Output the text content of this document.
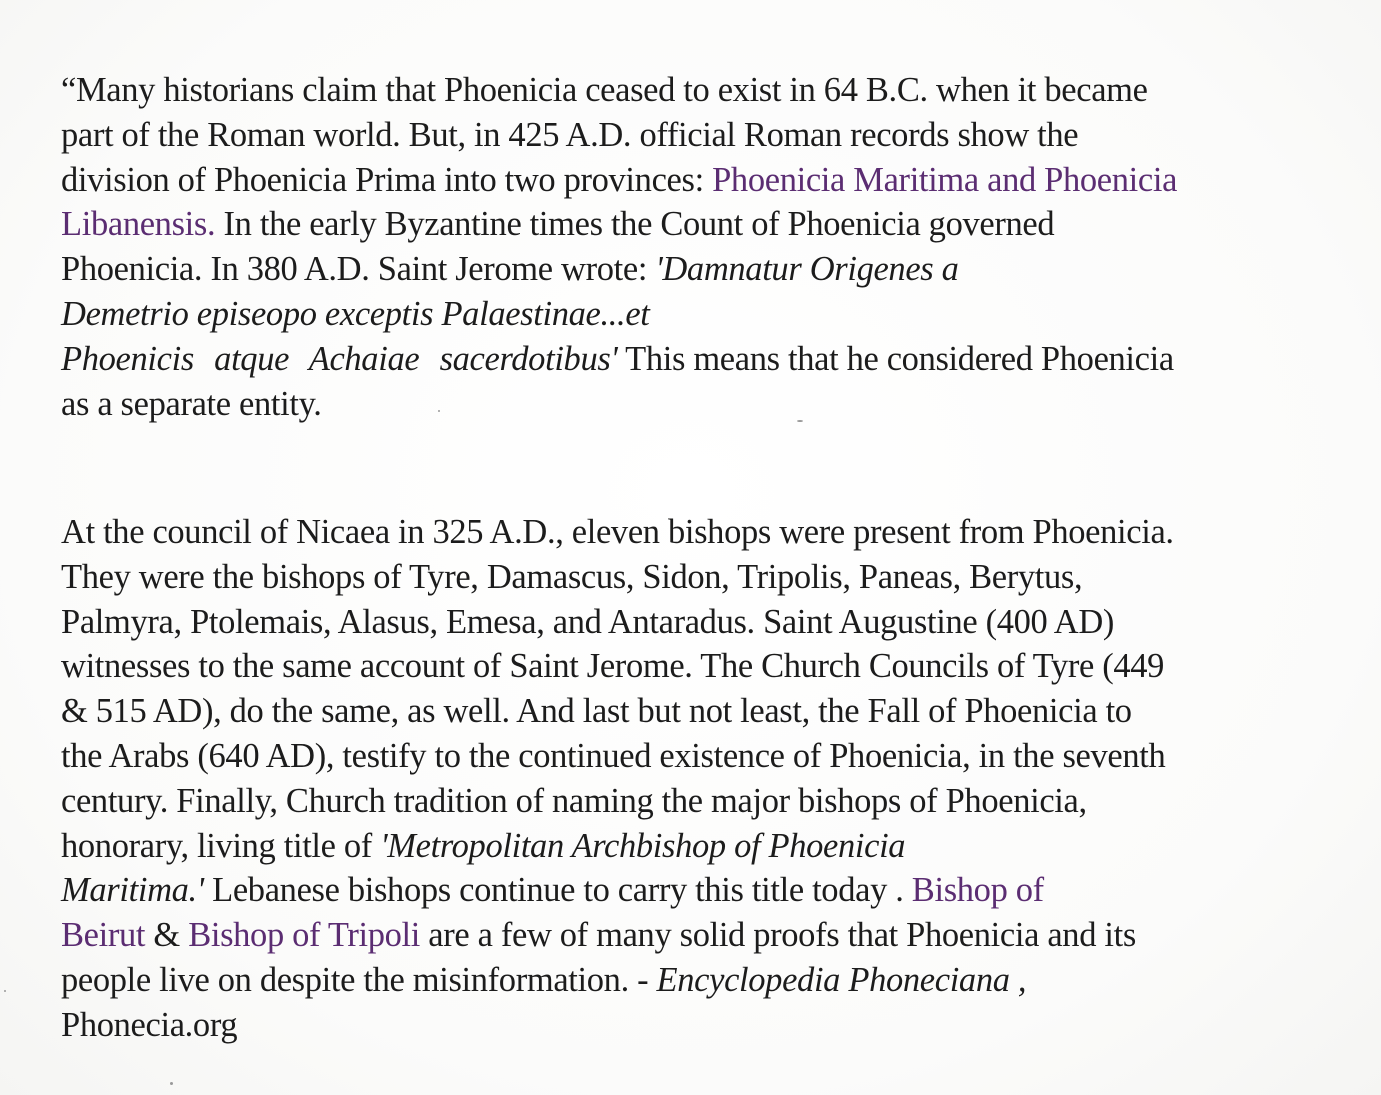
“Many historians claim that Phoenicia ceased to exist in 64 B.C. when it became
part of the Roman world. But, in 425 A.D. official Roman records show the
division of Phoenicia Prima into two provinces: Phoenicia Maritima and Phoenicia
Libanensis. In the early Byzantine times the Count of Phoenicia governed
Phoenicia. In 380 A.D. Saint Jerome wrote: 'Damnatur Origenes a
Demetrio episeopo exceptis Palaestinae...et
Phoenicis atque Achaiae sacerdotibus' This means that he considered Phoenicia
as a separate entity.
At the council of Nicaea in 325 A.D., eleven bishops were present from Phoenicia.
They were the bishops of Tyre, Damascus, Sidon, Tripolis, Paneas, Berytus,
Palmyra, Ptolemais, Alasus, Emesa, and Antaradus. Saint Augustine (400 AD)
witnesses to the same account of Saint Jerome. The Church Councils of Tyre (449
& 515 AD), do the same, as well. And last but not least, the Fall of Phoenicia to
the Arabs (640 AD), testify to the continued existence of Phoenicia, in the seventh
century. Finally, Church tradition of naming the major bishops of Phoenicia,
honorary, living title of 'Metropolitan Archbishop of Phoenicia
Maritima.' Lebanese bishops continue to carry this title today . Bishop of
Beirut & Bishop of Tripoli are a few of many solid proofs that Phoenicia and its
people live on despite the misinformation. - Encyclopedia Phoneciana ,
Phonecia.org
